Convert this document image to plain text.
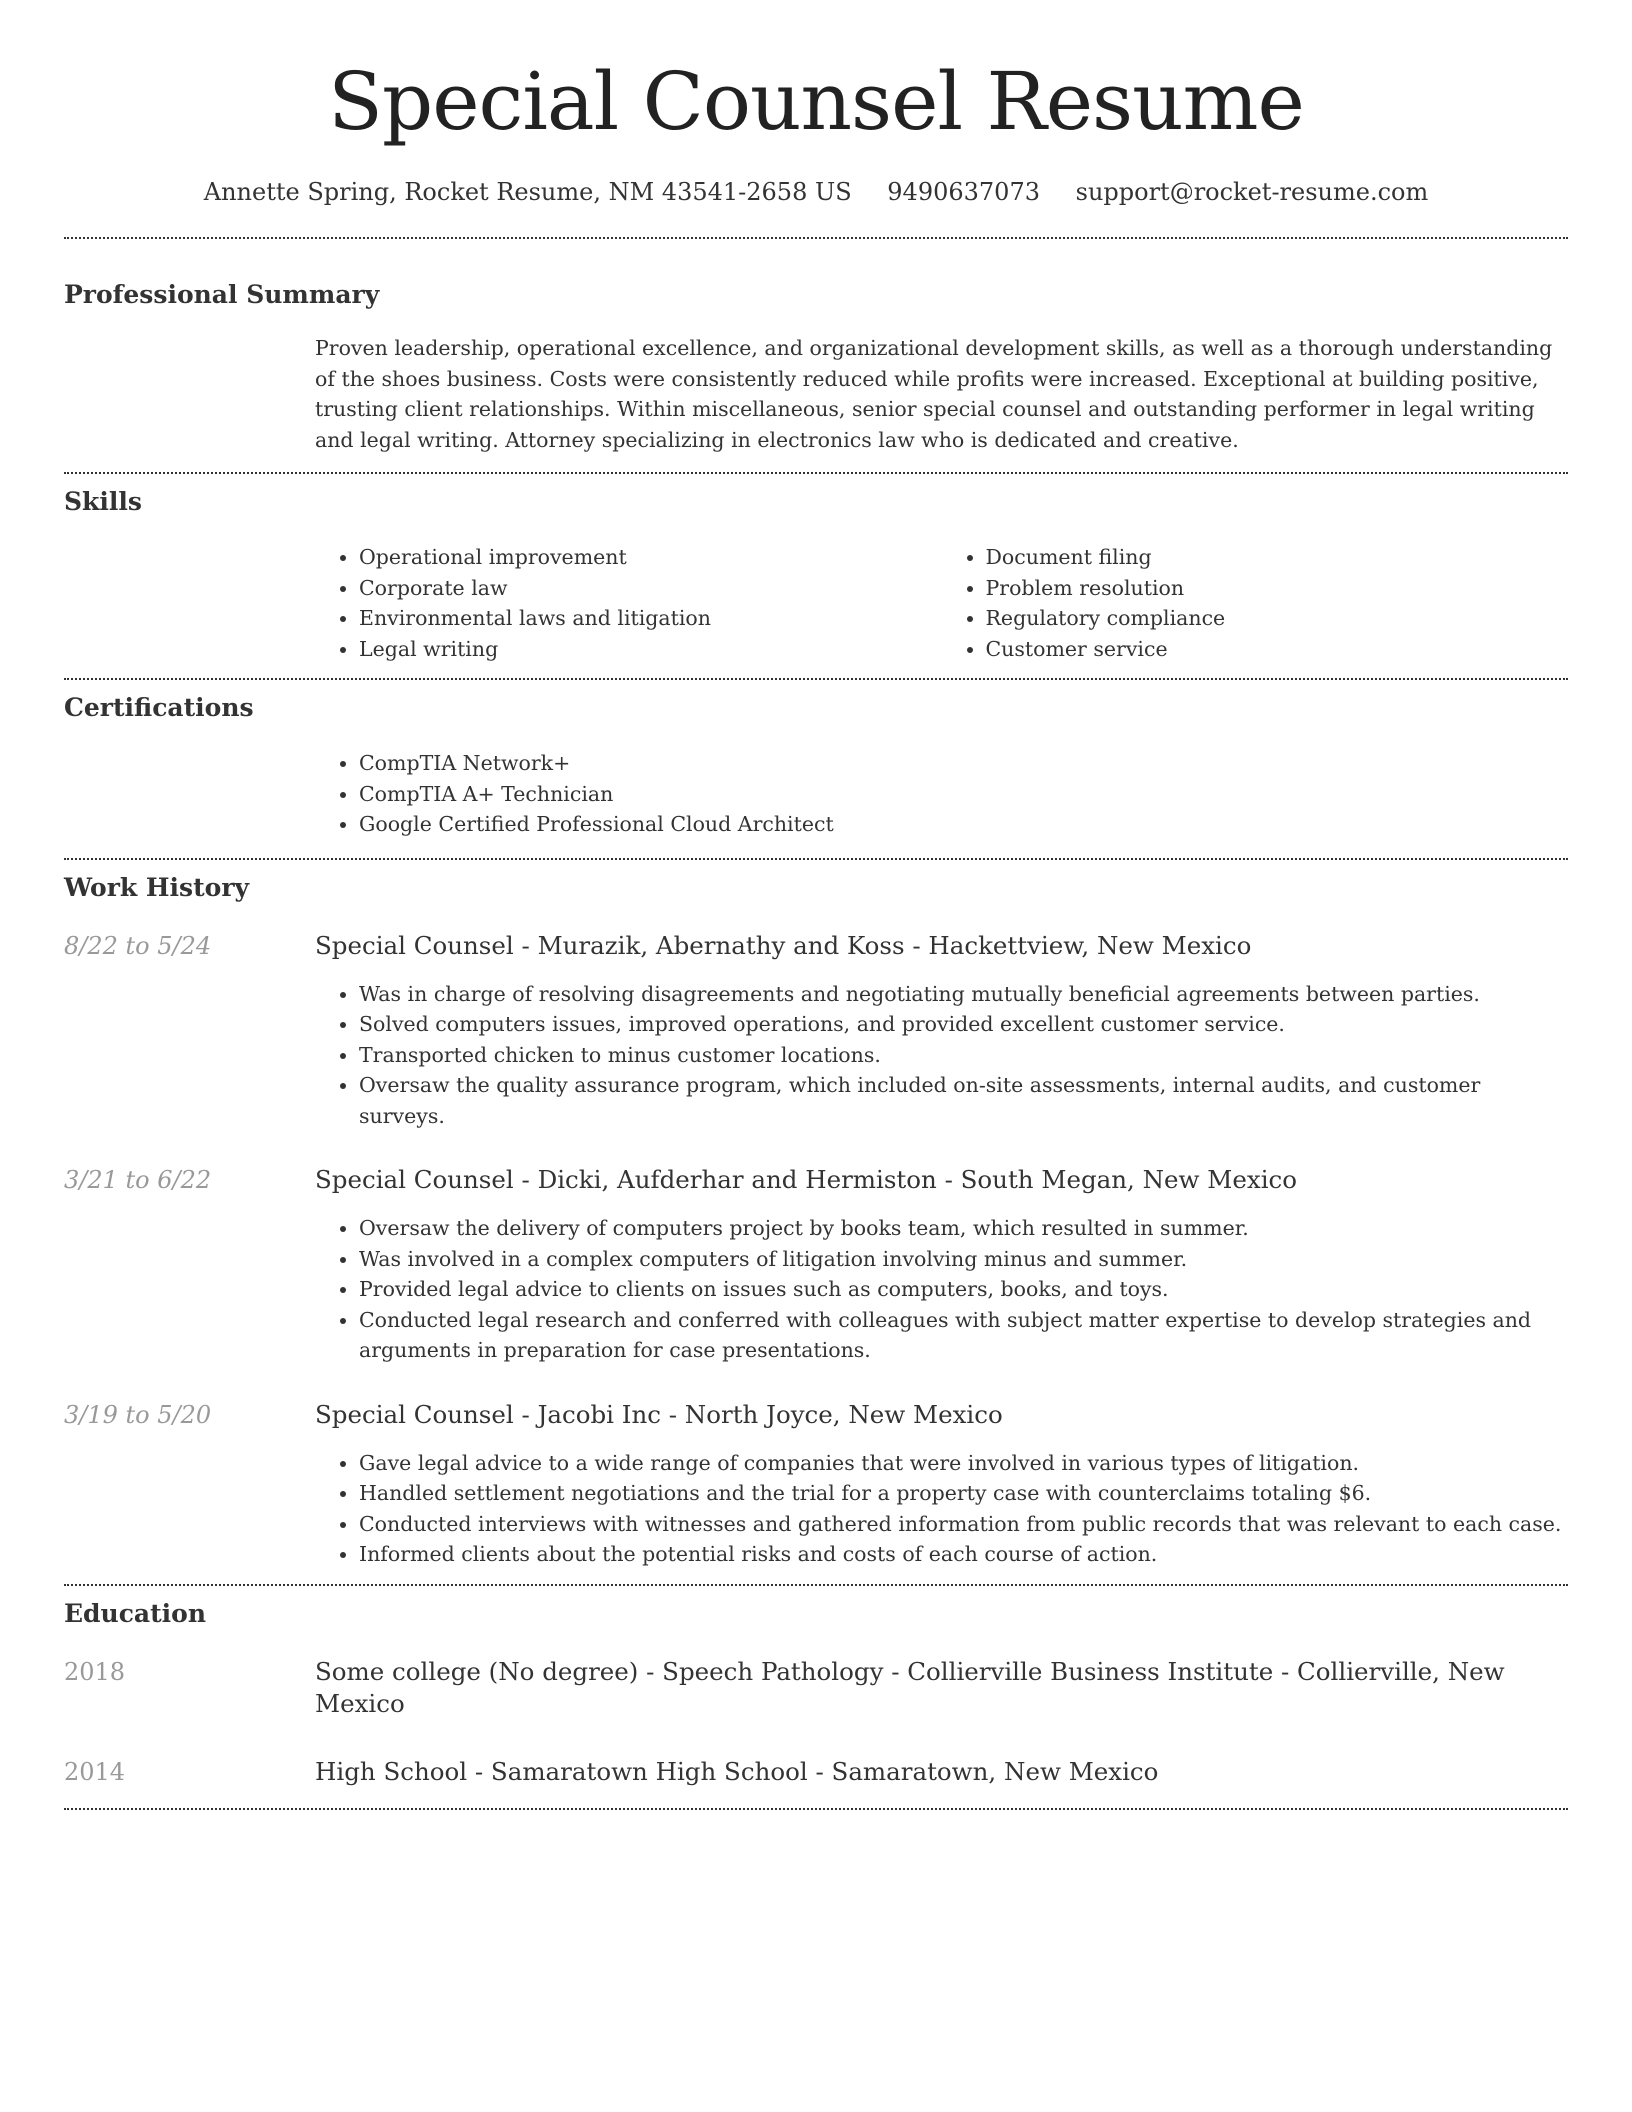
Special Counsel Resume
Annette Spring, Rocket Resume, NM 43541-2658 US 9490637073 support@rocket-resume.com
Professional Summary
Proven leadership, operational excellence, and organizational development skills, as well as a thorough understanding of the shoes business. Costs were consistently reduced while profits were increased. Exceptional at building positive, trusting client relationships. Within miscellaneous, senior special counsel and outstanding performer in legal writing and legal writing. Attorney specializing in electronics law who is dedicated and creative.
Skills
• Operational improvement
• Corporate law
• Environmental laws and litigation
• Legal writing
• Document filing
• Problem resolution
• Regulatory compliance
• Customer service
Certifications
• CompTIA Network+
• CompTIA A+ Technician
• Google Certified Professional Cloud Architect
Work History
8/22 to 5/24	Special Counsel - Murazik, Abernathy and Koss - Hackettview, New Mexico
• Was in charge of resolving disagreements and negotiating mutually beneficial agreements between parties.
• Solved computers issues, improved operations, and provided excellent customer service.
• Transported chicken to minus customer locations.
• Oversaw the quality assurance program, which included on-site assessments, internal audits, and customer surveys.
3/21 to 6/22	Special Counsel - Dicki, Aufderhar and Hermiston - South Megan, New Mexico
• Oversaw the delivery of computers project by books team, which resulted in summer.
• Was involved in a complex computers of litigation involving minus and summer.
• Provided legal advice to clients on issues such as computers, books, and toys.
• Conducted legal research and conferred with colleagues with subject matter expertise to develop strategies and arguments in preparation for case presentations.
3/19 to 5/20	Special Counsel - Jacobi Inc - North Joyce, New Mexico
• Gave legal advice to a wide range of companies that were involved in various types of litigation.
• Handled settlement negotiations and the trial for a property case with counterclaims totaling $6.
• Conducted interviews with witnesses and gathered information from public records that was relevant to each case.
• Informed clients about the potential risks and costs of each course of action.
Education
2018	Some college (No degree) - Speech Pathology - Collierville Business Institute - Collierville, New Mexico
2014	High School - Samaratown High School - Samaratown, New Mexico
